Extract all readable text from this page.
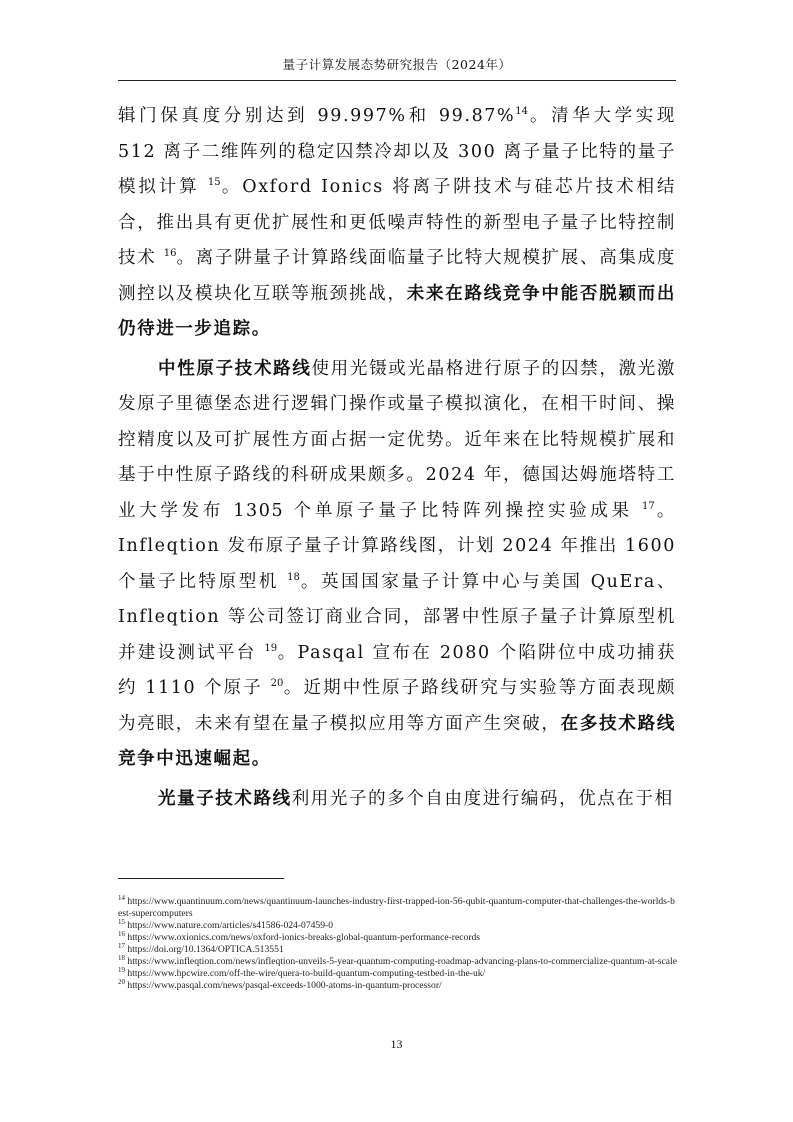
量子计算发展态势研究报告（2024年）

辑门保真度分别达到 99.997%和 99.87%$^{14}$。清华大学实现 512 离子二维阵列的稳定囚禁冷却以及 300 离子量子比特的量子模拟计算 $^{15}$。Oxford Ionics 将离子阱技术与硅芯片技术相结合，推出具有更优扩展性和更低噪声特性的新型电子量子比特控制技术 $^{16}$。离子阱量子计算路线面临量子比特大规模扩展、高集成度测控以及模块化互联等瓶颈挑战，未来在路线竞争中能否脱颖而出仍待进一步追踪。

中性原子技术路线使用光镊或光晶格进行原子的囚禁，激光激发原子里德堡态进行逻辑门操作或量子模拟演化，在相干时间、操控精度以及可扩展性方面占据一定优势。近年来在比特规模扩展和基于中性原子路线的科研成果颇多。2024 年，德国达姆施塔特工业大学发布 1305 个单原子量子比特阵列操控实验成果 $^{17}$。Infleqtion 发布原子量子计算路线图，计划 2024 年推出 1600 个量子比特原型机 $^{18}$。英国国家量子计算中心与美国 QuEra、Infleqtion 等公司签订商业合同，部署中性原子量子计算原型机并建设测试平台 $^{19}$。Pasqal 宣布在 2080 个陷阱位中成功捕获约 1110 个原子 $^{20}$。近期中性原子路线研究与实验等方面表现颇为亮眼，未来有望在量子模拟应用等方面产生突破，在多技术路线竞争中迅速崛起。

光量子技术路线利用光子的多个自由度进行编码，优点在于相

$^{14}$ https://www.quantinuum.com/news/quantinuum-launches-industry-first-trapped-ion-56-qubit-quantum-computer-that-challenges-the-worlds-best-supercomputers

$^{15}$ https://www.nature.com/articles/s41586-024-07459-0

$^{16}$ https://www.oxionics.com/news/oxford-ionics-breaks-global-quantum-performance-records

$^{17}$ https://doi.org/10.1364/OPTICA.513551

$^{18}$ https://www.infleqtion.com/news/infleqtion-unveils-5-year-quantum-computing-roadmap-advancing-plans-to-commercialize-quantum-at-scale

$^{19}$ https://www.hpcwire.com/off-the-wire/quera-to-build-quantum-computing-testbed-in-the-uk/

$^{20}$ https://www.pasqal.com/news/pasqal-exceeds-1000-atoms-in-quantum-processor/

13
